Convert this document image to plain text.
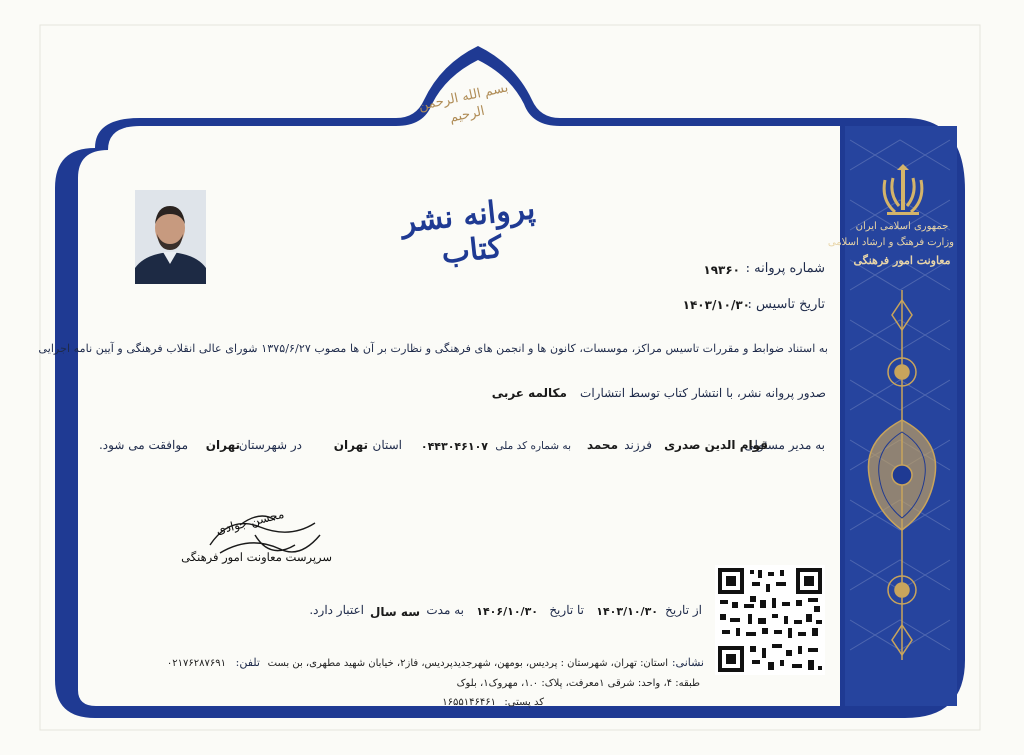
بسم الله الرحمن الرحیم
جمهوری اسلامی ایران
وزارت فرهنگ و ارشاد اسلامی
معاونت امور فرهنگی
پروانه نشر کتاب	شماره پروانه :
۱۹۳۶۰
تاریخ تاسیس :
۱۴۰۳/۱۰/۳۰
به استناد ضوابط و مقررات تاسیس مراکز، موسسات، کانون ها و انجمن های فرهنگی و نظارت بر آن ها مصوب ۱۳۷۵/۶/۲۷ شورای عالی انقلاب فرهنگی و آیین نامه اجرایی
صدور پروانه نشر، با انتشار کتاب توسط انتشارات مکالمه عربی
به مدیر مسئولی
قوام الدین صدری
فرزند
محمد
به شماره کد ملی
۰۴۴۳۰۴۶۱۰۷
استان
تهران
در شهرستان
تهران
موافقت می شود.
محسن جوادی
سرپرست معاونت امور فرهنگی
از تاریخ
۱۴۰۳/۱۰/۳۰
تا تاریخ
۱۴۰۶/۱۰/۳۰
به مدت
سه سال
اعتبار دارد.
نشانی:
استان: تهران، شهرستان : پردیس، بومهن، شهرجدیدپردیس، فاز۲، خیابان شهید مطهری، بن بست
طبقه: ۴، واحد: شرقی ۱معرفت، پلاک: ۱.۰، مهروک۱، بلوک
کد پستی:
۱۶۵۵۱۴۶۴۶۱
تلفن:
۰۲۱۷۶۲۸۷۶۹۱
